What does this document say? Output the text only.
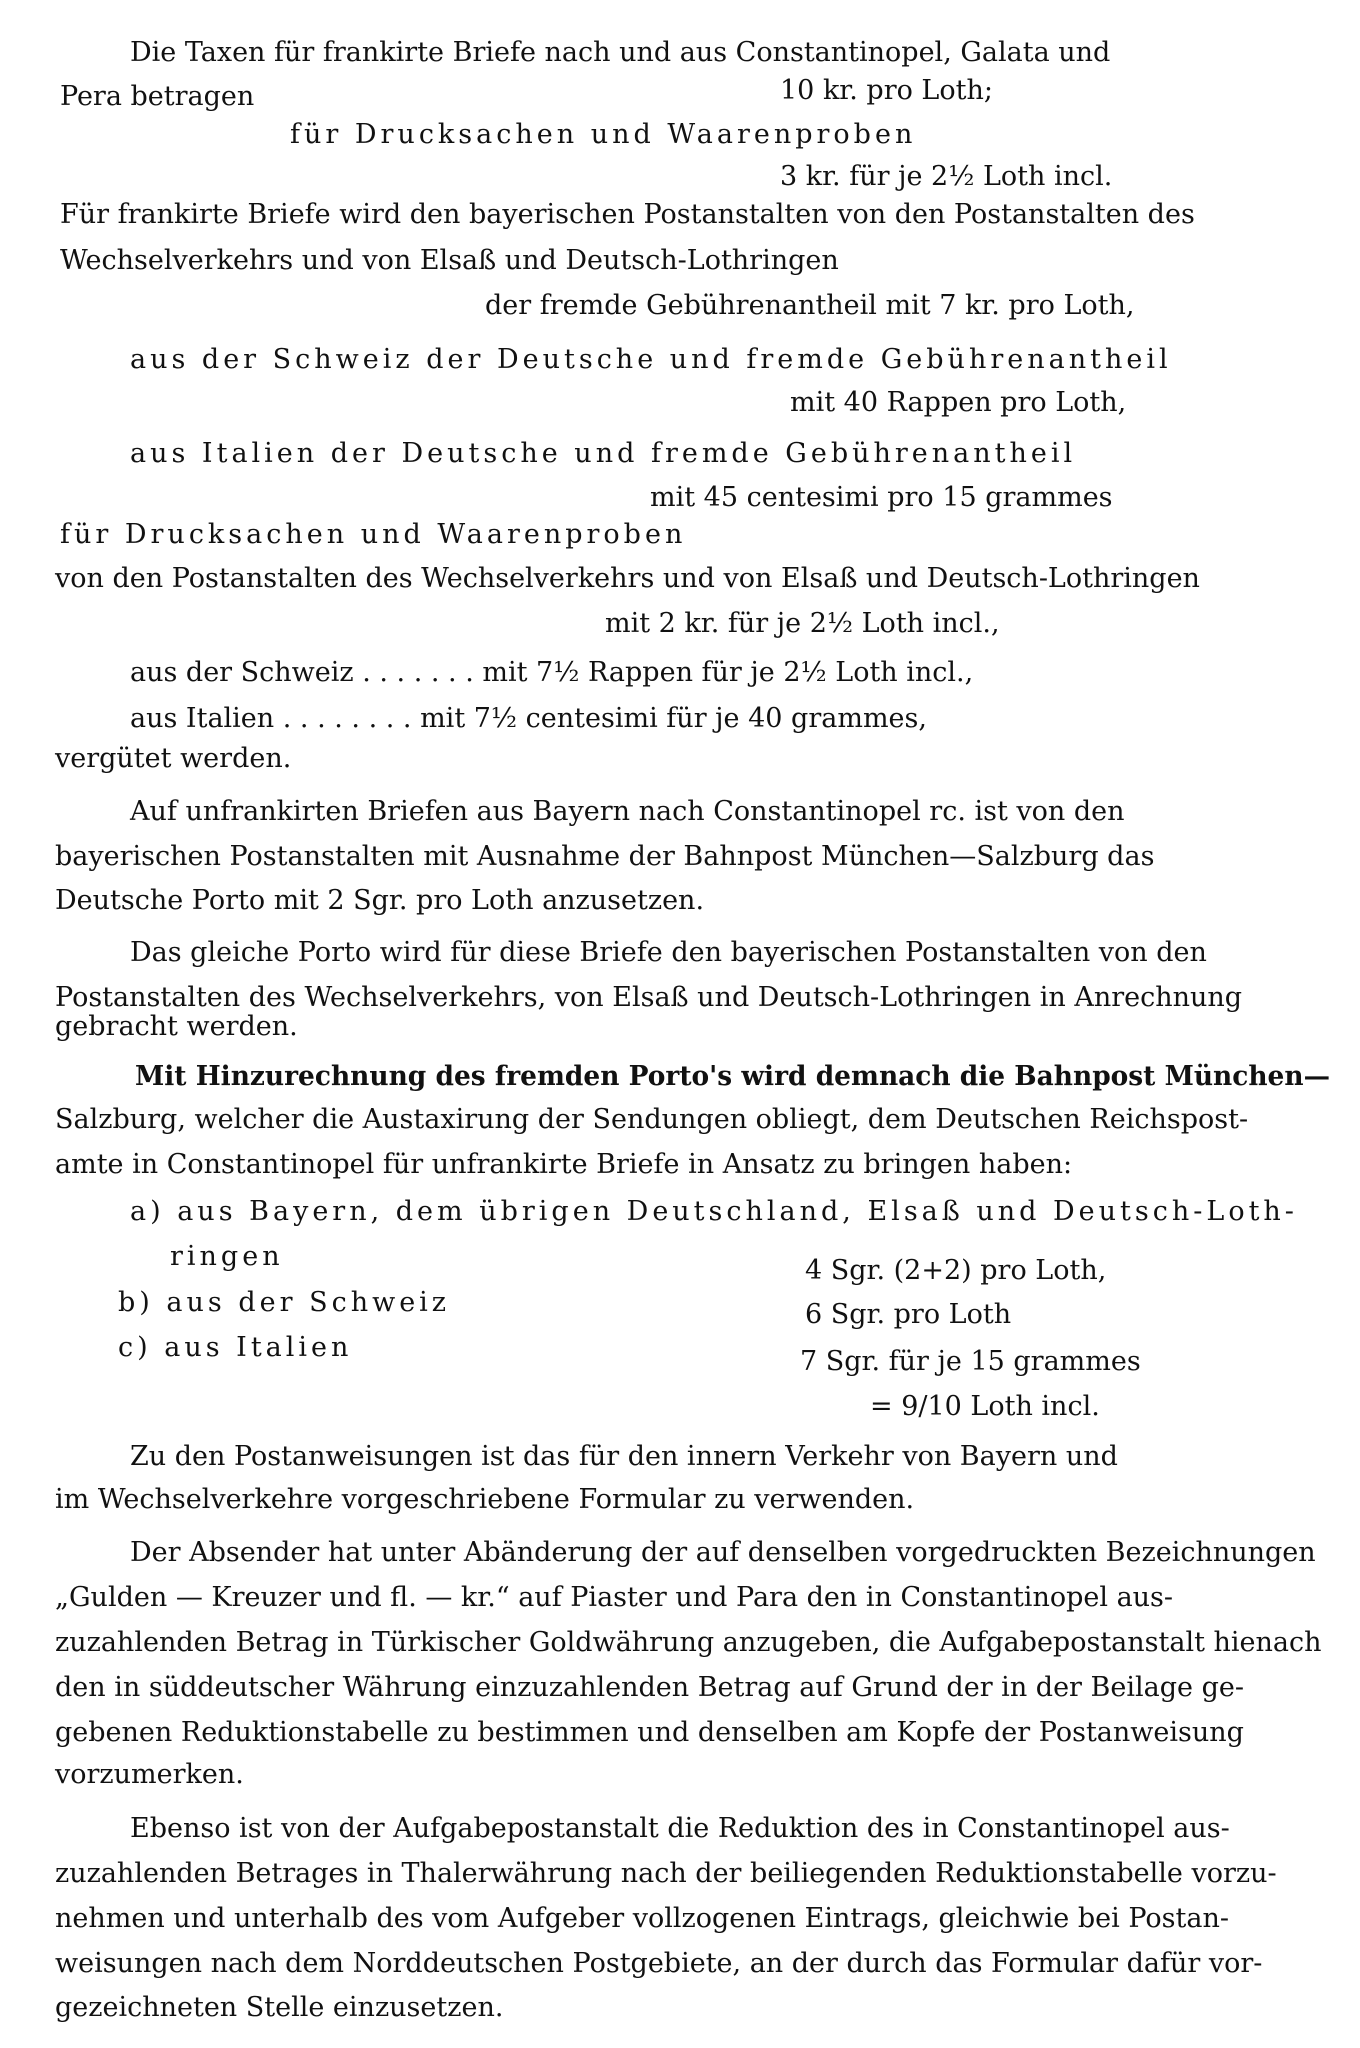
Die Taxen für frankirte Briefe nach und aus Constantinopel, Galata und
Pera betragen	10 kr. pro Loth;
für Drucksachen und Waarenproben
3 kr. für je 2½ Loth incl.
Für frankirte Briefe wird den bayerischen Postanstalten von den Postanstalten des
Wechselverkehrs und von Elsaß und Deutsch-Lothringen
der fremde Gebührenantheil mit 7 kr. pro Loth,
aus der Schweiz der Deutsche und fremde Gebührenantheil
mit 40 Rappen pro Loth,
aus Italien der Deutsche und fremde Gebührenantheil
mit 45 centesimi pro 15 grammes
für Drucksachen und Waarenproben
von den Postanstalten des Wechselverkehrs und von Elsaß und Deutsch-Lothringen
mit 2 kr. für je 2½ Loth incl.,
aus der Schweiz . . . . . . . mit 7½ Rappen für je 2½ Loth incl.,
aus Italien . . . . . . . . mit 7½ centesimi für je 40 grammes,
vergütet werden.
Auf unfrankirten Briefen aus Bayern nach Constantinopel rc. ist von den
bayerischen Postanstalten mit Ausnahme der Bahnpost München—Salzburg das
Deutsche Porto mit 2 Sgr. pro Loth anzusetzen.
Das gleiche Porto wird für diese Briefe den bayerischen Postanstalten von den
Postanstalten des Wechselverkehrs, von Elsaß und Deutsch-Lothringen in Anrechnung
gebracht werden.
Mit Hinzurechnung des fremden Porto's wird demnach die Bahnpost München—
Salzburg, welcher die Austaxirung der Sendungen obliegt, dem Deutschen Reichspost-
amte in Constantinopel für unfrankirte Briefe in Ansatz zu bringen haben:
a) aus Bayern, dem übrigen Deutschland, Elsaß und Deutsch-Loth-
ringen	4 Sgr. (2+2) pro Loth,
b) aus der Schweiz	6 Sgr. pro Loth
c) aus Italien	7 Sgr. für je 15 grammes
= 9/10 Loth incl.
Zu den Postanweisungen ist das für den innern Verkehr von Bayern und
im Wechselverkehre vorgeschriebene Formular zu verwenden.
Der Absender hat unter Abänderung der auf denselben vorgedruckten Bezeichnungen
„Gulden — Kreuzer und fl. — kr.“ auf Piaster und Para den in Constantinopel aus-
zuzahlenden Betrag in Türkischer Goldwährung anzugeben, die Aufgabepostanstalt hienach
den in süddeutscher Währung einzuzahlenden Betrag auf Grund der in der Beilage ge-
gebenen Reduktionstabelle zu bestimmen und denselben am Kopfe der Postanweisung
vorzumerken.
Ebenso ist von der Aufgabepostanstalt die Reduktion des in Constantinopel aus-
zuzahlenden Betrages in Thalerwährung nach der beiliegenden Reduktionstabelle vorzu-
nehmen und unterhalb des vom Aufgeber vollzogenen Eintrags, gleichwie bei Postan-
weisungen nach dem Norddeutschen Postgebiete, an der durch das Formular dafür vor-
gezeichneten Stelle einzusetzen.
